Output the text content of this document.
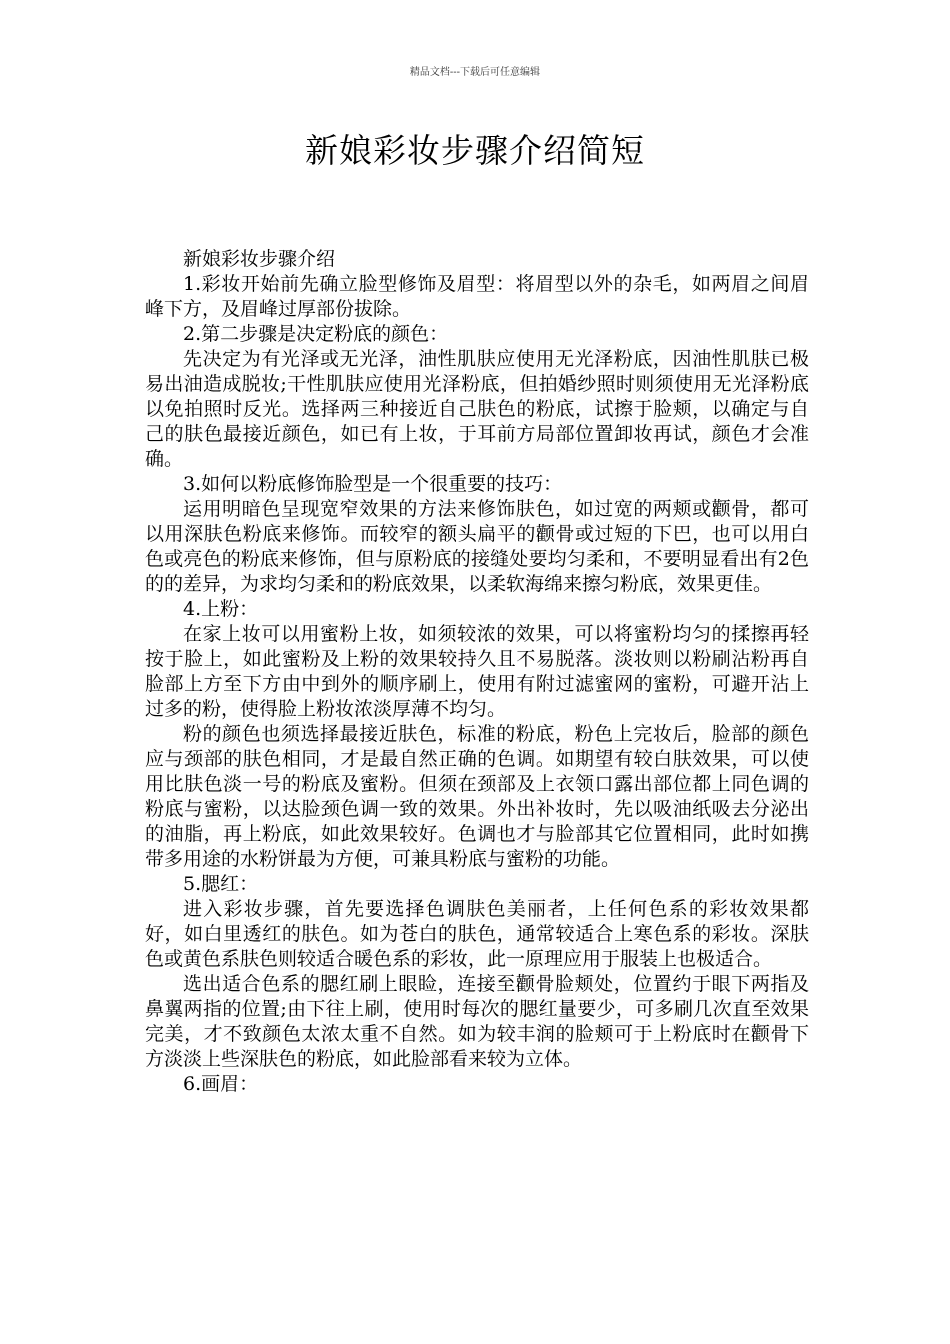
精品文档---下载后可任意编辑
新娘彩妆步骤介绍简短

新娘彩妆步骤介绍

1.彩妆开始前先确立脸型修饰及眉型：将眉型以外的杂毛，如两眉之间眉峰下方，及眉峰过厚部份拔除。

2.第二步骤是决定粉底的颜色：

先决定为有光泽或无光泽，油性肌肤应使用无光泽粉底，因油性肌肤已极易出油造成脱妆;干性肌肤应使用光泽粉底，但拍婚纱照时则须使用无光泽粉底以免拍照时反光。选择两三种接近自己肤色的粉底，试擦于脸颊，以确定与自己的肤色最接近颜色，如已有上妆，于耳前方局部位置卸妆再试，颜色才会准确。

3.如何以粉底修饰脸型是一个很重要的技巧：

运用明暗色呈现宽窄效果的方法来修饰肤色，如过宽的两颊或颧骨，都可以用深肤色粉底来修饰。而较窄的额头扁平的颧骨或过短的下巴，也可以用白色或亮色的粉底来修饰，但与原粉底的接缝处要均匀柔和，不要明显看出有2色的的差异，为求均匀柔和的粉底效果，以柔软海绵来擦匀粉底，效果更佳。

4.上粉：

在家上妆可以用蜜粉上妆，如须较浓的效果，可以将蜜粉均匀的揉擦再轻按于脸上，如此蜜粉及上粉的效果较持久且不易脱落。淡妆则以粉刷沾粉再自脸部上方至下方由中到外的顺序刷上，使用有附过滤蜜网的蜜粉，可避开沾上过多的粉，使得脸上粉妆浓淡厚薄不均匀。

粉的颜色也须选择最接近肤色，标准的粉底，粉色上完妆后，脸部的颜色应与颈部的肤色相同，才是最自然正确的色调。如期望有较白肤效果，可以使用比肤色淡一号的粉底及蜜粉。但须在颈部及上衣领口露出部位都上同色调的粉底与蜜粉，以达脸颈色调一致的效果。外出补妆时，先以吸油纸吸去分泌出的油脂，再上粉底，如此效果较好。色调也才与脸部其它位置相同，此时如携带多用途的水粉饼最为方便，可兼具粉底与蜜粉的功能。

5.腮红：

进入彩妆步骤，首先要选择色调肤色美丽者，上任何色系的彩妆效果都好，如白里透红的肤色。如为苍白的肤色，通常较适合上寒色系的彩妆。深肤色或黄色系肤色则较适合暖色系的彩妆，此一原理应用于服装上也极适合。

选出适合色系的腮红刷上眼睑，连接至颧骨脸颊处，位置约于眼下两指及鼻翼两指的位置;由下往上刷，使用时每次的腮红量要少，可多刷几次直至效果完美，才不致颜色太浓太重不自然。如为较丰润的脸颊可于上粉底时在颧骨下方淡淡上些深肤色的粉底，如此脸部看来较为立体。

6.画眉：
